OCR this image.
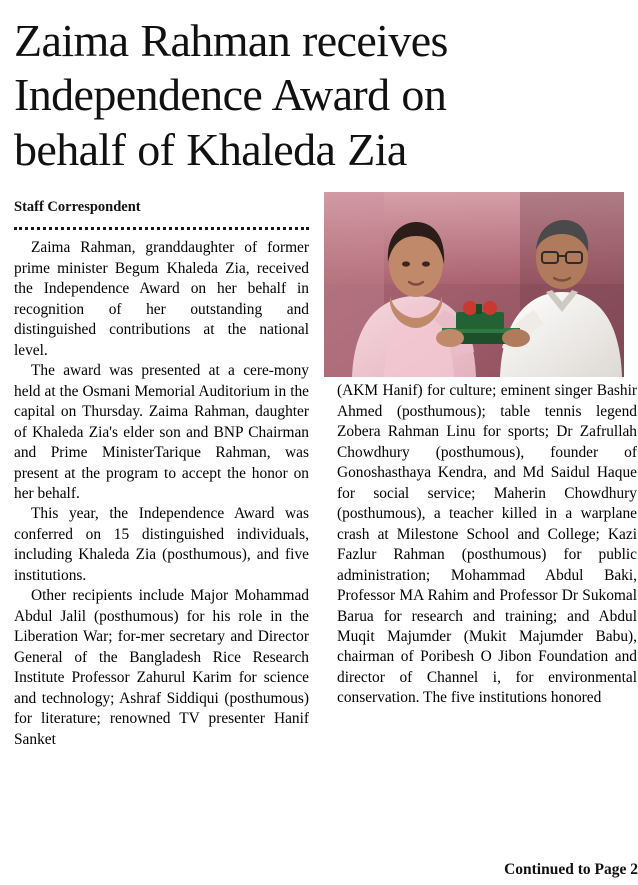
Zaima Rahman receives
Independence Award on
behalf of Khaleda Zia

Staff Correspondent

Zaima Rahman, granddaughter of former prime minister Begum Khaleda Zia, received the Independence Award on her behalf in recognition of her outstanding and distinguished contributions at the national level.

The award was presented at a cere-mony held at the Osmani Memorial Auditorium in the capital on Thursday. Zaima Rahman, daughter of Khaleda Zia's elder son and BNP Chairman and Prime MinisterTarique Rahman, was present at the program to accept the honor on her behalf.

This year, the Independence Award was conferred on 15 distinguished individuals, including Khaleda Zia (posthumous), and five institutions.

Other recipients include Major Mohammad Abdul Jalil (posthumous) for his role in the Liberation War; for-mer secretary and Director General of the Bangladesh Rice Research Institute Professor Zahurul Karim for science and technology; Ashraf Siddiqui (posthumous) for literature; renowned TV presenter Hanif Sanket

(AKM Hanif) for culture; eminent singer Bashir Ahmed (posthumous); table tennis legend Zobera Rahman Linu for sports; Dr Zafrullah Chowdhury (posthumous), founder of Gonoshasthaya Kendra, and Md Saidul Haque for social service; Maherin Chowdhury (posthumous), a teacher killed in a warplane crash at Milestone School and College; Kazi Fazlur Rahman (posthumous) for public administration; Mohammad Abdul Baki, Professor MA Rahim and Professor Dr Sukomal Barua for research and training; and Abdul Muqit Majumder (Mukit Majumder Babu), chairman of Poribesh O Jibon Foundation and director of Channel i, for environmental conservation. The five institutions honored

Continued to Page 2
